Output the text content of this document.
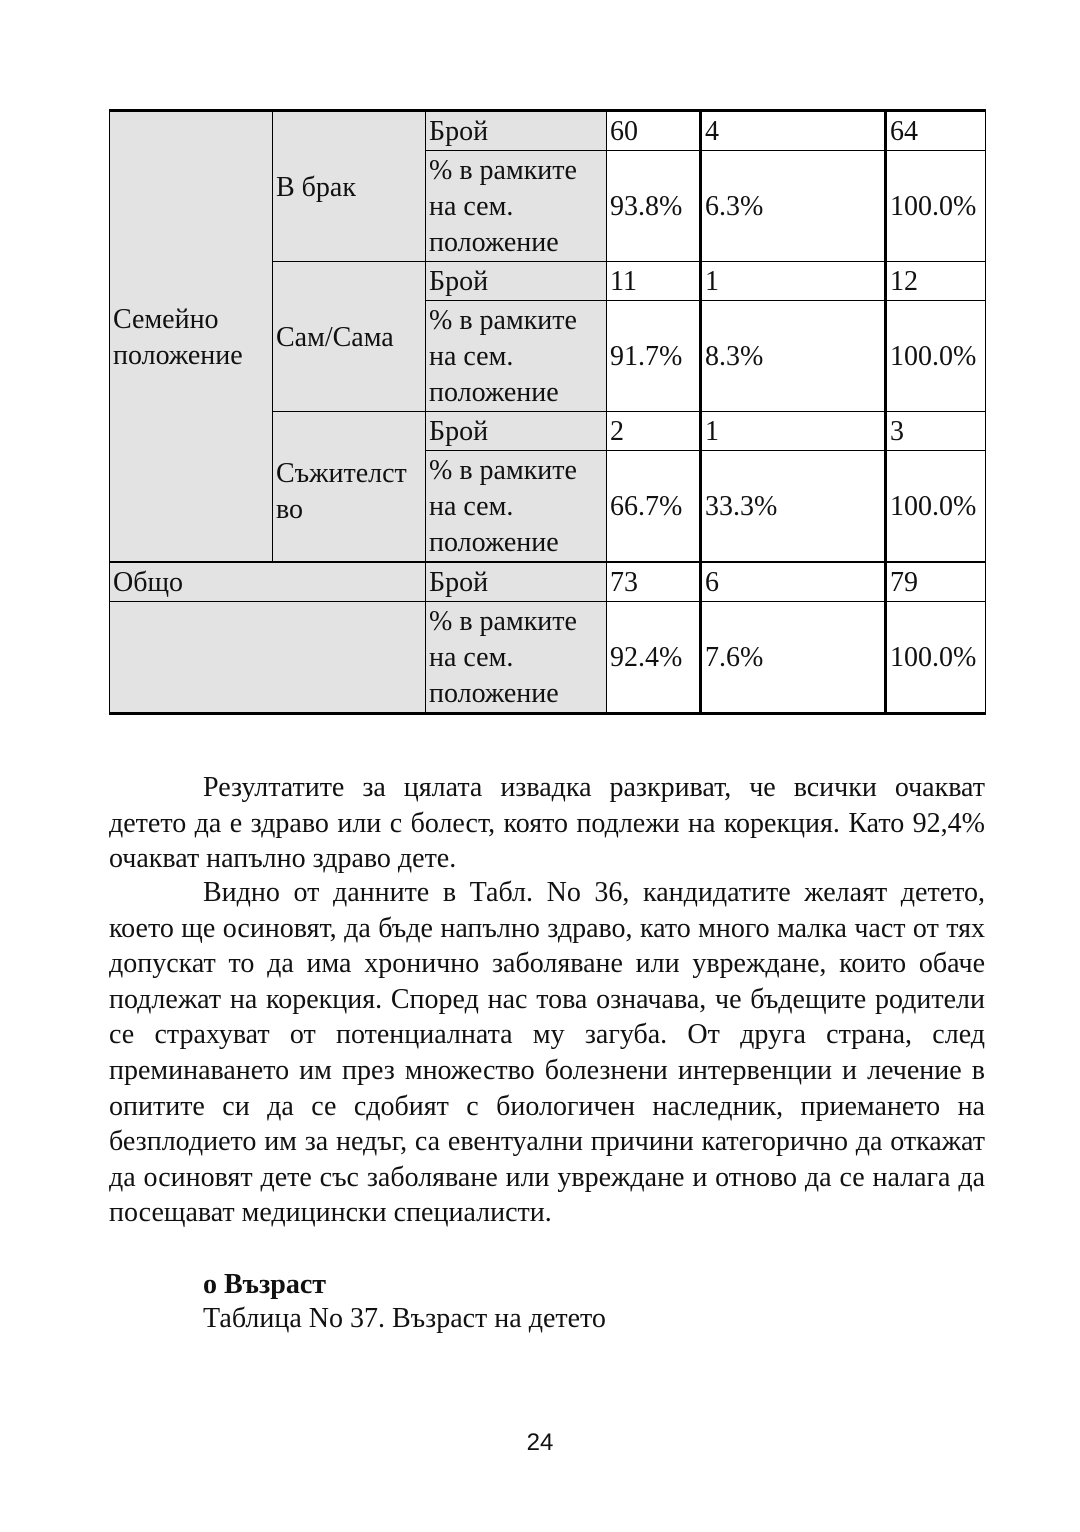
Семейно положение	В брак	Брой	60	4	64
		% в рамките на сем. положение	93.8%	6.3%	100.0%
	Сам/Сама	Брой	11	1	12
		% в рамките на сем. положение	91.7%	8.3%	100.0%
	Съжителст во	Брой	2	1	3
		% в рамките на сем. положение	66.7%	33.3%	100.0%
Общо		Брой	73	6	79
		% в рамките на сем. положение	92.4%	7.6%	100.0%

Резултатите за цялата извадка разкриват, че всички очакват детето да е здраво или с болест, която подлежи на корекция. Като 92,4% очакват напълно здраво дете.

Видно от данните в Табл. No 36, кандидатите желаят детето, което ще осиновят, да бъде напълно здраво, като много малка част от тях допускат то да има хронично заболяване или увреждане, които обаче подлежат на корекция. Според нас това означава, че бъдещите родители се страхуват от потенциалната му загуба. От друга страна, след преминаването им през множество болезнени интервенции и лечение в опитите си да се сдобият с биологичен наследник, приемането на безплодието им за недъг, са евентуални причини категорично да откажат да осиновят дете със заболяване или увреждане и отново да се налага да посещават медицински специалисти.

o Възраст

Таблица No 37. Възраст на детето

24
